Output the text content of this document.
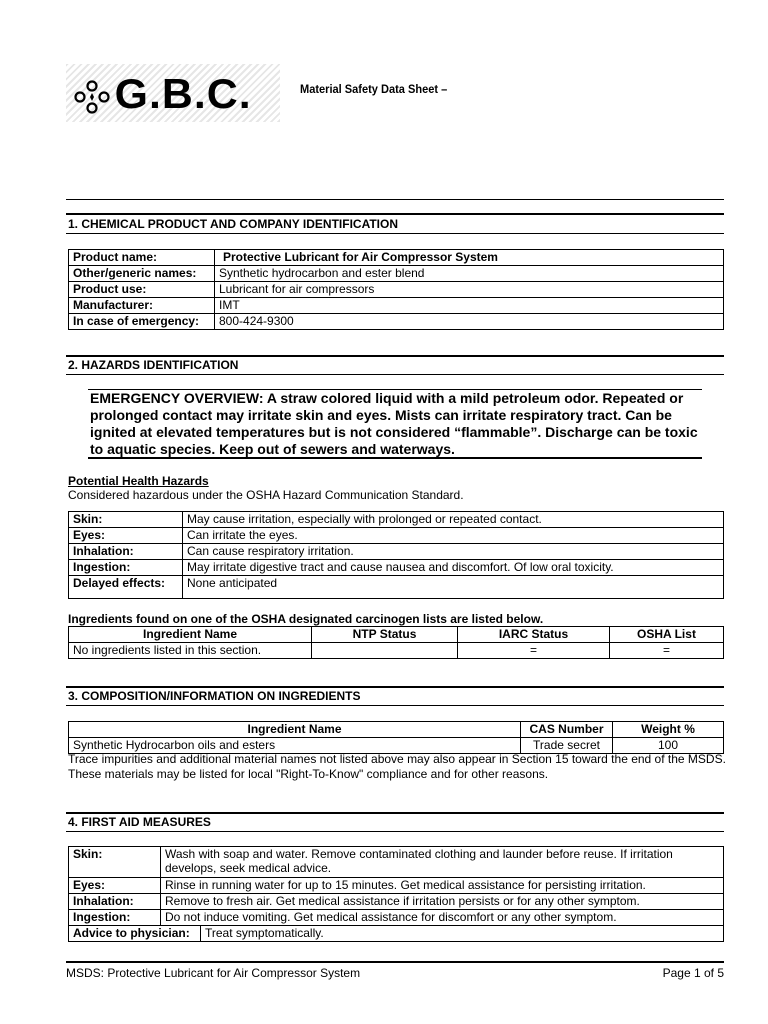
G.B.C.	Material Safety Data Sheet –
1. CHEMICAL PRODUCT AND COMPANY IDENTIFICATION
Product name:	Protective Lubricant for Air Compressor System
Other/generic names:	Synthetic hydrocarbon and ester blend
Product use:	Lubricant for air compressors
Manufacturer:	IMT
In case of emergency:	800-424-9300
2. HAZARDS IDENTIFICATION
EMERGENCY OVERVIEW: A straw colored liquid with a mild petroleum odor. Repeated or prolonged contact may irritate skin and eyes. Mists can irritate respiratory tract. Can be ignited at elevated temperatures but is not considered “flammable”. Discharge can be toxic to aquatic species. Keep out of sewers and waterways.
Potential Health Hazards
Considered hazardous under the OSHA Hazard Communication Standard.
Skin:	May cause irritation, especially with prolonged or repeated contact.
Eyes:	Can irritate the eyes.
Inhalation:	Can cause respiratory irritation.
Ingestion:	May irritate digestive tract and cause nausea and discomfort. Of low oral toxicity.
Delayed effects:	None anticipated
Ingredients found on one of the OSHA designated carcinogen lists are listed below.
Ingredient Name	NTP Status	IARC Status	OSHA List
No ingredients listed in this section.		=	=
3. COMPOSITION/INFORMATION ON INGREDIENTS
Ingredient Name	CAS Number	Weight %
Synthetic Hydrocarbon oils and esters	Trade secret	100
Trace impurities and additional material names not listed above may also appear in Section 15 toward the end of the MSDS. These materials may be listed for local "Right-To-Know" compliance and for other reasons.
4. FIRST AID MEASURES
Skin:	Wash with soap and water. Remove contaminated clothing and launder before reuse. If irritation develops, seek medical advice.	
Eyes:	Rinse in running water for up to 15 minutes. Get medical assistance for persisting irritation.	
Inhalation:	Remove to fresh air. Get medical assistance if irritation persists or for any other symptom.	
Ingestion:	Do not induce vomiting. Get medical assistance for discomfort or any other symptom.	
Advice to physician:		Treat symptomatically.
MSDS: Protective Lubricant for Air Compressor System	Page 1 of 5
